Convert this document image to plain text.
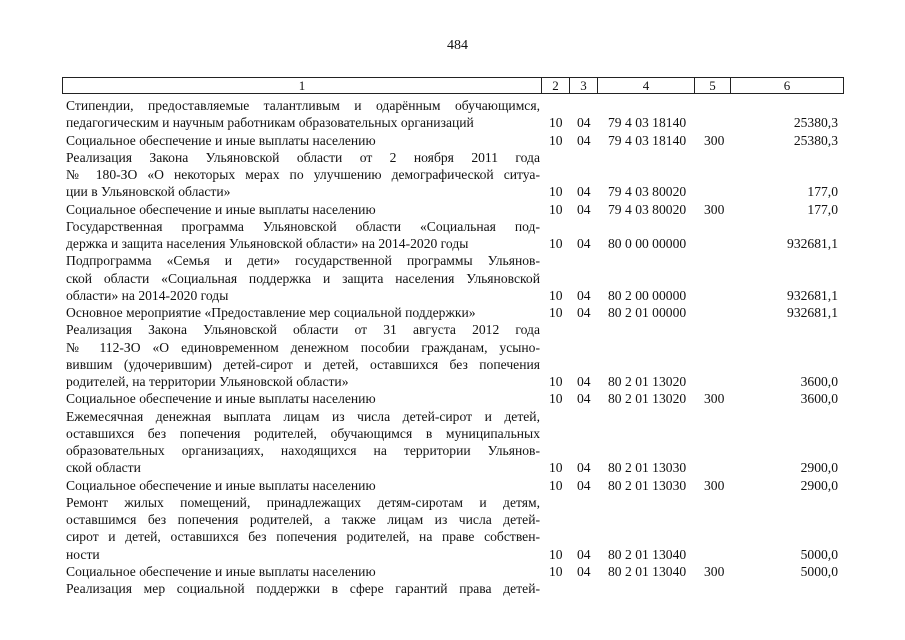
484
1	2	3	4	5	6
Стипендии, предоставляемые талантливым и одарённым обучающимся,
педагогическим и научным работникам образовательных организаций	10 04 79 4 03 18140	25380,3
Социальное обеспечение и иные выплаты населению	10 04 79 4 03 18140 300	25380,3
Реализация Закона Ульяновской области от 2 ноября 2011 года
№ 180-ЗО «О некоторых мерах по улучшению демографической ситуа-
ции в Ульяновской области»	10 04 79 4 03 80020	177,0
Социальное обеспечение и иные выплаты населению	10 04 79 4 03 80020 300	177,0
Государственная программа Ульяновской области «Социальная под-
держка и защита населения Ульяновской области» на 2014-2020 годы	10 04 80 0 00 00000	932681,1
Подпрограмма «Семья и дети» государственной программы Ульянов-
ской области «Социальная поддержка и защита населения Ульяновской
области» на 2014-2020 годы	10 04 80 2 00 00000	932681,1
Основное мероприятие «Предоставление мер социальной поддержки»	10 04 80 2 01 00000	932681,1
Реализация Закона Ульяновской области от 31 августа 2012 года
№ 112-ЗО «О единовременном денежном пособии гражданам, усыно-
вившим (удочерившим) детей-сирот и детей, оставшихся без попечения
родителей, на территории Ульяновской области»	10 04 80 2 01 13020	3600,0
Социальное обеспечение и иные выплаты населению	10 04 80 2 01 13020 300	3600,0
Ежемесячная денежная выплата лицам из числа детей-сирот и детей,
оставшихся без попечения родителей, обучающимся в муниципальных
образовательных организациях, находящихся на территории Ульянов-
ской области	10 04 80 2 01 13030	2900,0
Социальное обеспечение и иные выплаты населению	10 04 80 2 01 13030 300	2900,0
Ремонт жилых помещений, принадлежащих детям-сиротам и детям,
оставшимся без попечения родителей, а также лицам из числа детей-
сирот и детей, оставшихся без попечения родителей, на праве собствен-
ности	10 04 80 2 01 13040	5000,0
Социальное обеспечение и иные выплаты населению	10 04 80 2 01 13040 300	5000,0
Реализация мер социальной поддержки в сфере гарантий права детей-
